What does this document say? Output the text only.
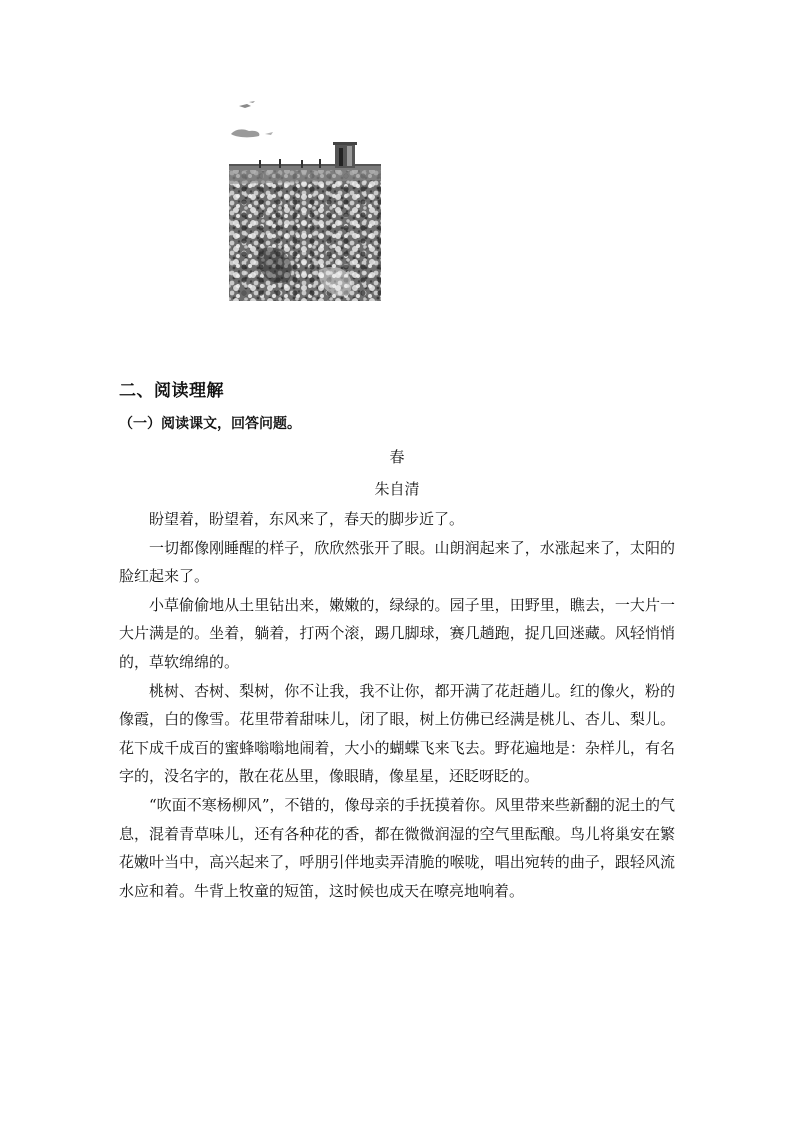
二、阅读理解
（一）阅读课文，回答问题。
春
朱自清

盼望着，盼望着，东风来了，春天的脚步近了。

一切都像刚睡醒的样子，欣欣然张开了眼。山朗润起来了，水涨起来了，太阳的脸红起来了。

小草偷偷地从土里钻出来，嫩嫩的，绿绿的。园子里，田野里，瞧去，一大片一大片满是的。坐着，躺着，打两个滚，踢几脚球，赛几趟跑，捉几回迷藏。风轻悄悄的，草软绵绵的。

桃树、杏树、梨树，你不让我，我不让你，都开满了花赶趟儿。红的像火，粉的像霞，白的像雪。花里带着甜味儿，闭了眼，树上仿佛已经满是桃儿、杏儿、梨儿。花下成千成百的蜜蜂嗡嗡地闹着，大小的蝴蝶飞来飞去。野花遍地是：杂样儿，有名字的，没名字的，散在花丛里，像眼睛，像星星，还眨呀眨的。

“吹面不寒杨柳风”，不错的，像母亲的手抚摸着你。风里带来些新翻的泥土的气息，混着青草味儿，还有各种花的香，都在微微润湿的空气里酝酿。鸟儿将巢安在繁花嫩叶当中，高兴起来了，呼朋引伴地卖弄清脆的喉咙，唱出宛转的曲子，跟轻风流水应和着。牛背上牧童的短笛，这时候也成天在嘹亮地响着。
